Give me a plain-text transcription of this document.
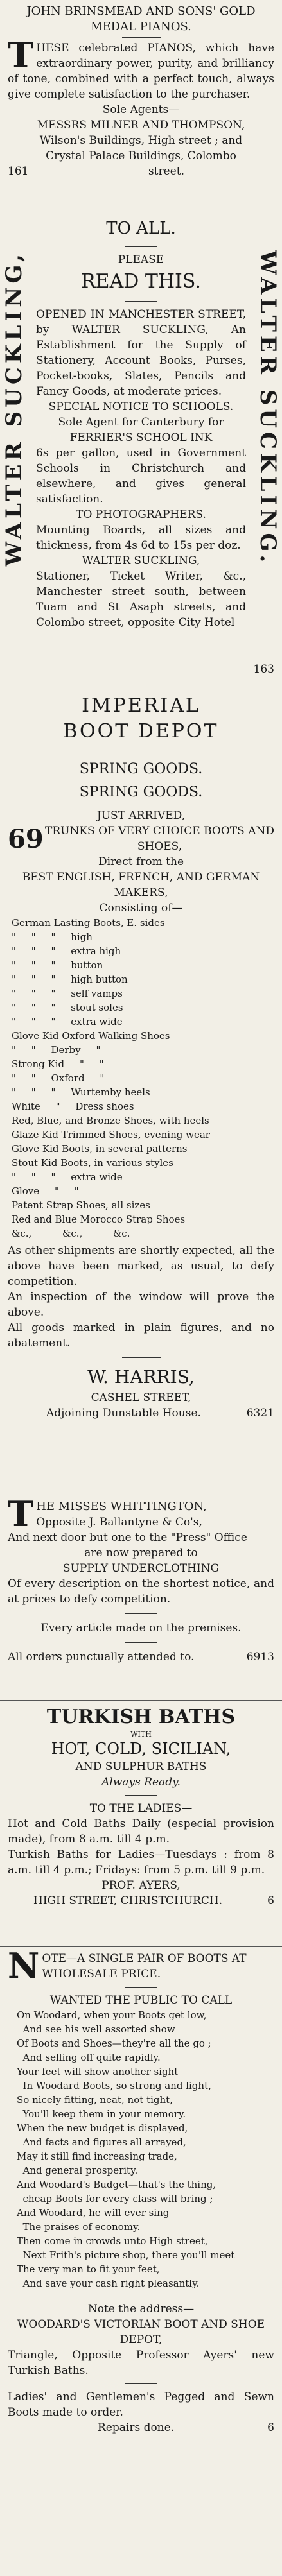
JOHN BRINSMEAD AND SONS' GOLD
MEDAL PIANOS.
THESE celebrated PIANOS, which have extraordinary power, purity, and brilliancy of tone, combined with a perfect touch, always give complete satisfaction to the purchaser.
Sole Agents—
MESSRS MILNER AND THOMPSON,
Wilson's Buildings, High street ; and
Crystal Palace Buildings, Colombo
161	street.
WALTER SUCKLING,	WALTER SUCKLING.
TO ALL.
PLEASE
READ THIS.
OPENED IN MANCHESTER STREET, by WALTER SUCKLING, An Establishment for the Supply of Stationery, Account Books, Purses, Pocket-books, Slates, Pencils and Fancy Goods, at moderate prices.
SPECIAL NOTICE TO SCHOOLS.
Sole Agent for Canterbury for
FERRIER'S SCHOOL INK
6s per gallon, used in Government Schools in Christchurch and elsewhere, and gives general satisfaction.
TO PHOTOGRAPHERS.
Mounting Boards, all sizes and thickness, from 4s 6d to 15s per doz.
WALTER SUCKLING,
Stationer, Ticket Writer, &c., Manchester street south, between Tuam and St Asaph streets, and Colombo street, opposite City Hotel
163
IMPERIAL
BOOT DEPOT
SPRING GOODS.
SPRING GOODS.
JUST ARRIVED,
69 TRUNKS OF VERY CHOICE BOOTS AND SHOES,
Direct from the
BEST ENGLISH, FRENCH, AND GERMAN MAKERS,
Consisting of—
German Lasting Boots, E. sides
"     "     "     high
"     "     "     extra high
"     "     "     button
"     "     "     high button
"     "     "     self vamps
"     "     "     stout soles
"     "     "     extra wide
Glove Kid Oxford Walking Shoes
"     "     Derby     "
Strong Kid     "     "
"     "     Oxford     "
"     "     "     Wurtemby heels
White     "     Dress shoes
Red, Blue, and Bronze Shoes, with heels
Glaze Kid Trimmed Shoes, evening wear
Glove Kid Boots, in several patterns
Stout Kid Boots, in various styles
"     "     "     extra wide
Glove     "     "
Patent Strap Shoes, all sizes
Red and Blue Morocco Strap Shoes
&c.,          &c.,          &c.
As other shipments are shortly expected, all the above have been marked, as usual, to defy competition.
An inspection of the window will prove the above.
All goods marked in plain figures, and no abatement.
W. HARRIS,
CASHEL STREET,
Adjoining Dunstable House.	6321
THE MISSES WHITTINGTON,
Opposite J. Ballantyne & Co's,
And next door but one to the "Press" Office
are now prepared to
SUPPLY UNDERCLOTHING
Of every description on the shortest notice, and at prices to defy competition.
Every article made on the premises.
All orders punctually attended to.	6913
TURKISH BATHS
WITH
HOT, COLD, SICILIAN,
AND SULPHUR BATHS
Always Ready.
TO THE LADIES—
Hot and Cold Baths Daily (especial provision made), from 8 a.m. till 4 p.m.
Turkish Baths for Ladies—Tuesdays : from 8 a.m. till 4 p.m.; Fridays: from 5 p.m. till 9 p.m.
PROF. AYERS,
HIGH STREET, CHRISTCHURCH.	6
NOTE—A SINGLE PAIR OF BOOTS AT WHOLESALE PRICE.
WANTED THE PUBLIC TO CALL
On Woodard, when your Boots get low,
And see his well assorted show
Of Boots and Shoes—they're all the go ;
And selling off quite rapidly.
Your feet will show another sight
In Woodard Boots, so strong and light,
So nicely fitting, neat, not tight,
You'll keep them in your memory.
When the new budget is displayed,
And facts and figures all arrayed,
May it still find increasing trade,
And general prosperity.
And Woodard's Budget—that's the thing,
cheap Boots for every class will bring ;
And Woodard, he will ever sing
The praises of economy.
Then come in crowds unto High street,
Next Frith's picture shop, there you'll meet
The very man to fit your feet,
And save your cash right pleasantly.
Note the address—
WOODARD'S VICTORIAN BOOT AND SHOE DEPOT,
Triangle, Opposite Professor Ayers' new Turkish Baths.
Ladies' and Gentlemen's Pegged and Sewn Boots made to order.
Repairs done.	6
